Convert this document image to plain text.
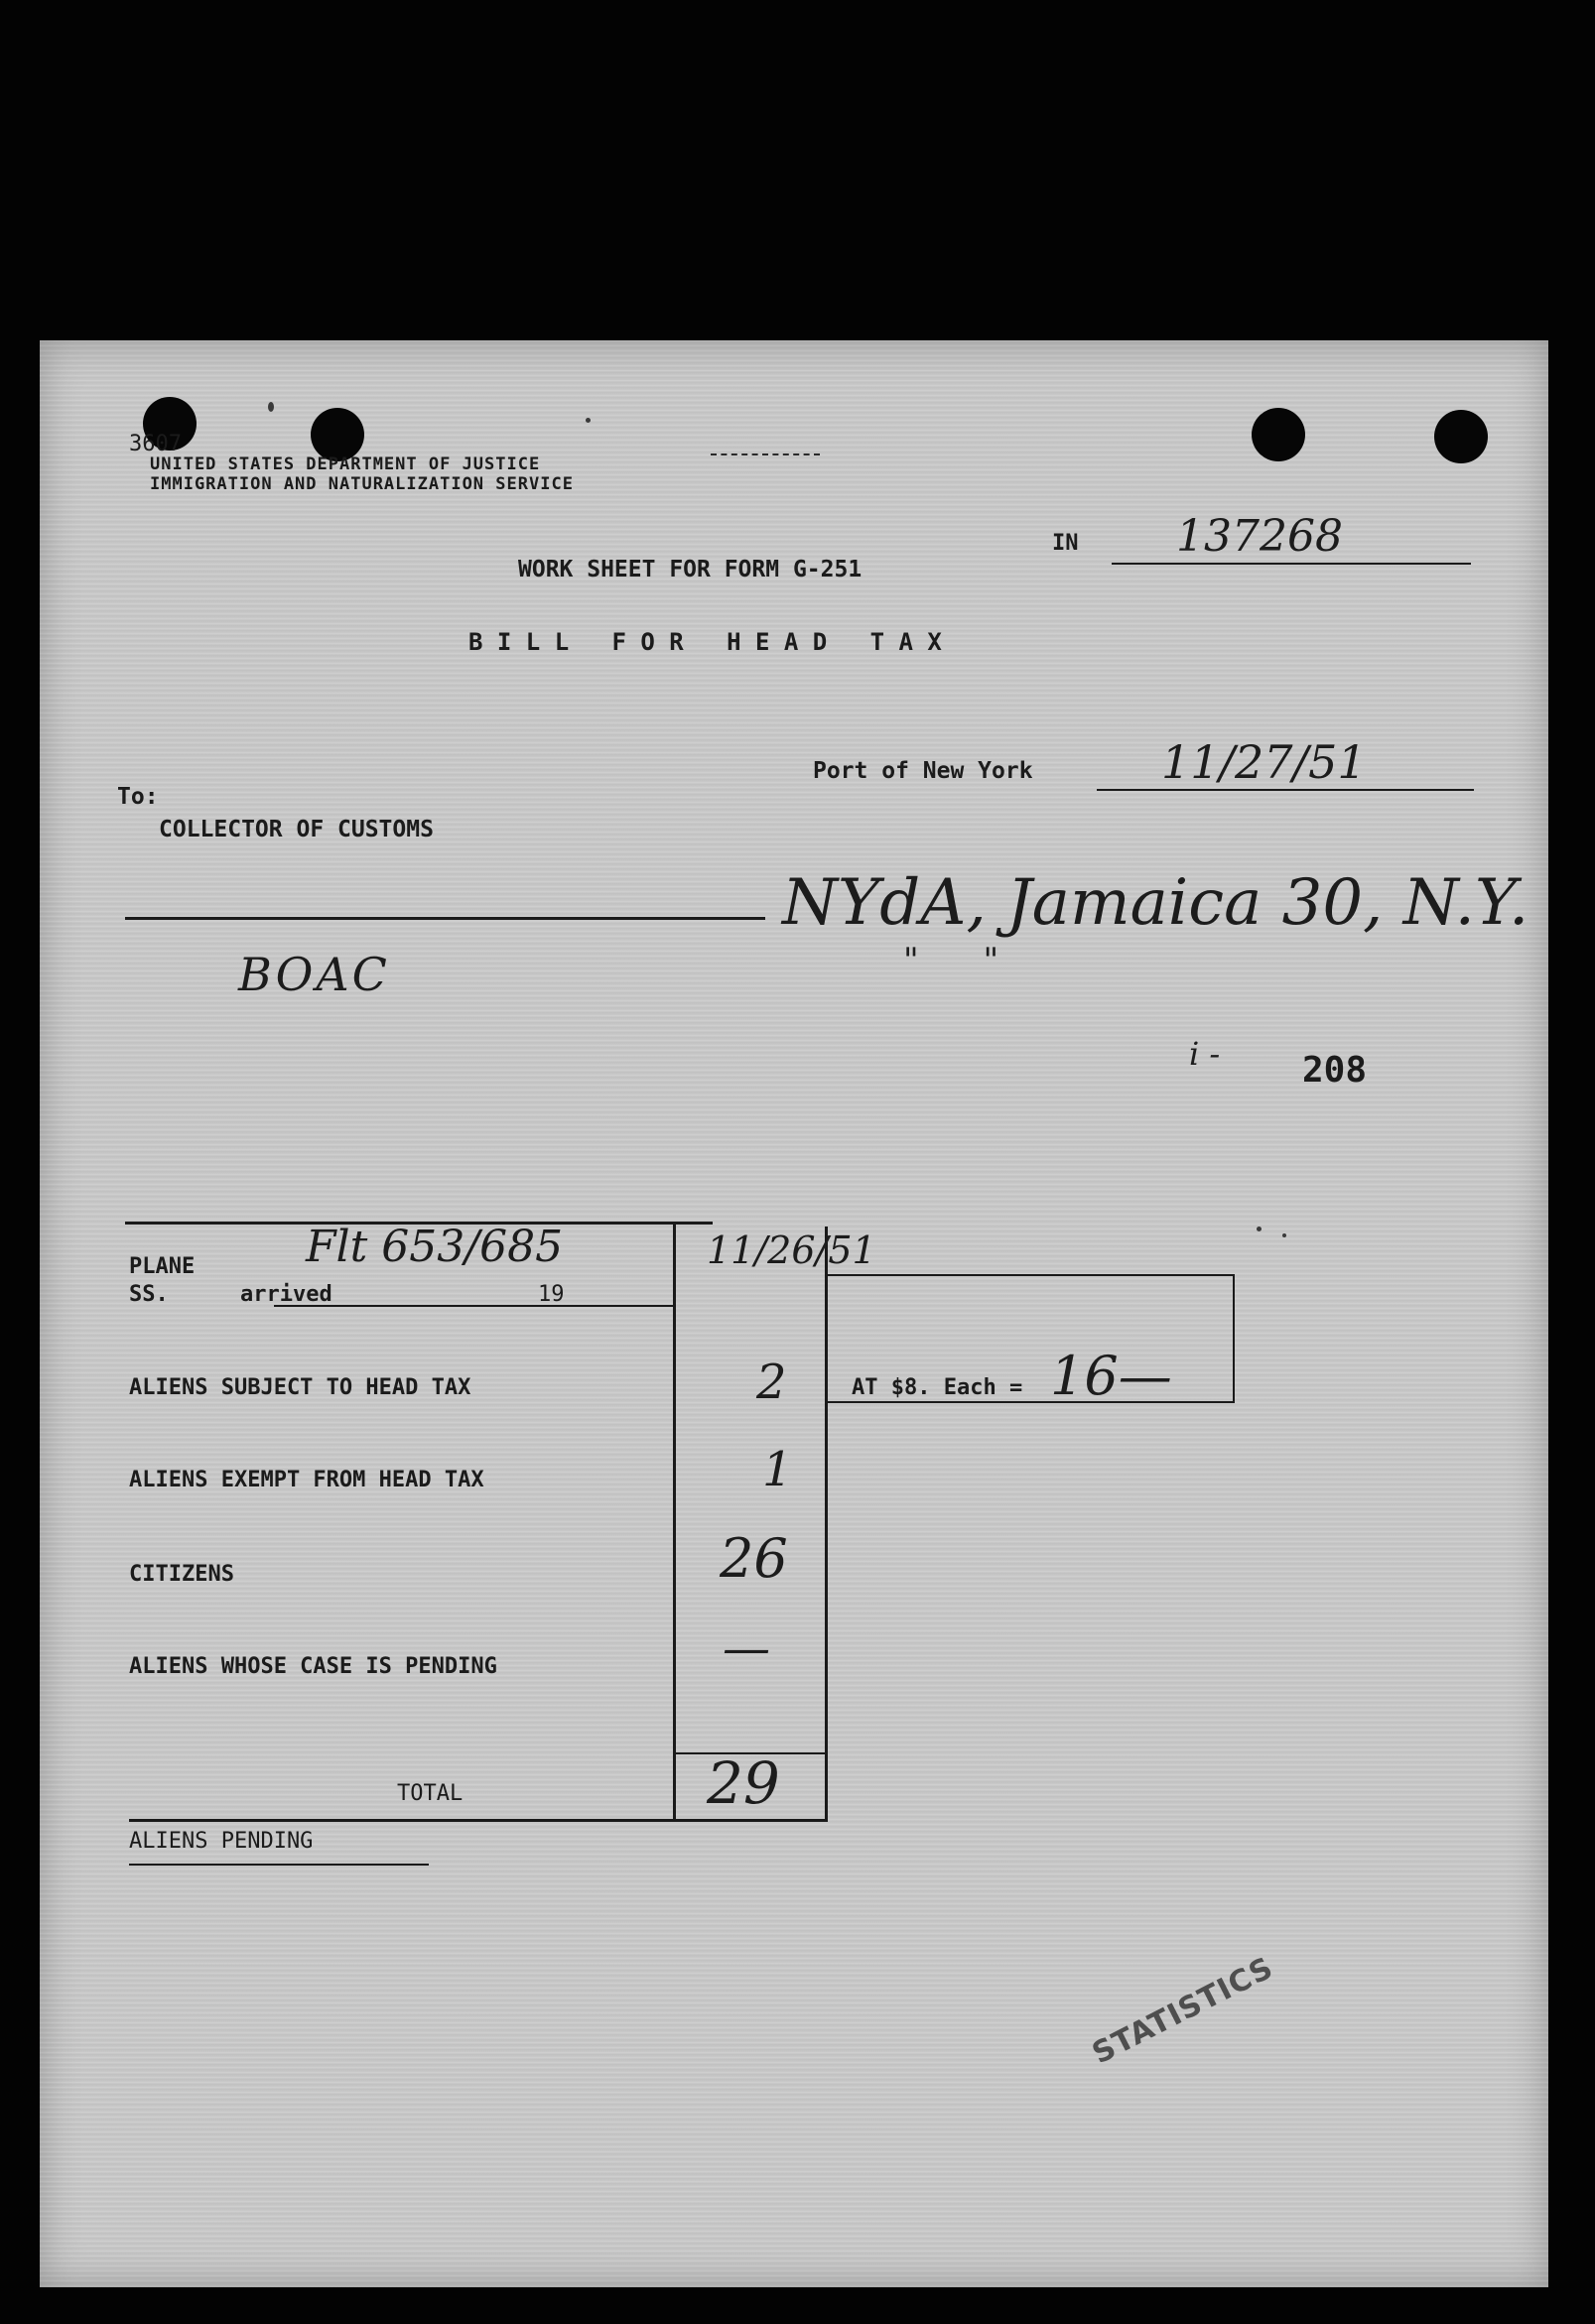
3607
UNITED STATES DEPARTMENT OF JUSTICE
IMMIGRATION AND NATURALIZATION SERVICE
IN 137268
WORK SHEET FOR FORM G-251
B I L L   F O R   H E A D   T A X
Port of New York	11/27/51
To:
COLLECTOR OF CUSTOMS
NYdA, Jamaica 30, N.Y.
"      "
BOAC
i - 208
PLANE
SS.	arrived	19
Flt 653/685	11/26/51
ALIENS SUBJECT TO HEAD TAX	2	AT $8. Each = 16—
ALIENS EXEMPT FROM HEAD TAX	1
CITIZENS	26
ALIENS WHOSE CASE IS PENDING	—
TOTAL	29
ALIENS PENDING
STATISTICS
